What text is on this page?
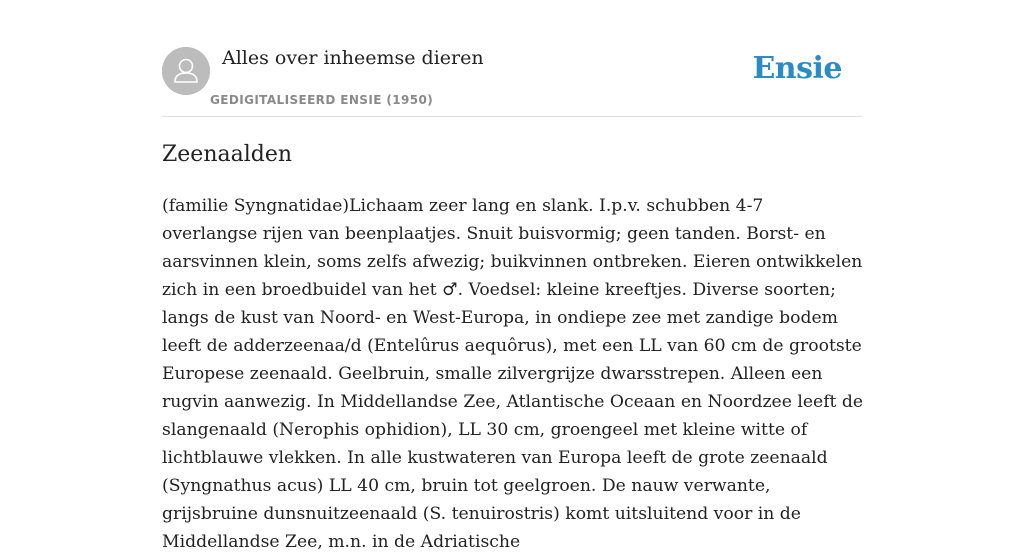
Alles over inheemse dieren
GEDIGITALISEERD ENSIE (1950)
Ensie
Zeenaalden

(familie Syngnatidae)Lichaam zeer lang en slank. I.p.v. schubben 4-7 overlangse rijen van beenplaatjes. Snuit buisvormig; geen tanden. Borst- en aarsvinnen klein, soms zelfs afwezig; buikvinnen ontbreken. Eieren ontwikkelen zich in een broedbuidel van het ♂. Voedsel: kleine kreeftjes. Diverse soorten; langs de kust van Noord- en West-Europa, in ondiepe zee met zandige bodem leeft de adderzeenaa/d (Entelûrus aequôrus), met een LL van 60 cm de grootste Europese zeenaald. Geelbruin, smalle zilvergrijze dwarsstrepen. Alleen een rugvin aanwezig. In Middellandse Zee, Atlantische Oceaan en Noordzee leeft de slangenaald (Nerophis ophidion), LL 30 cm, groengeel met kleine witte of lichtblauwe vlekken. In alle kustwateren van Europa leeft de grote zeenaald (Syngnathus acus) LL 40 cm, bruin tot geelgroen. De nauw verwante, grijsbruine dunsnuitzeenaald (S. tenuirostris) komt uitsluitend voor in de Middellandse Zee, m.n. in de Adriatische
